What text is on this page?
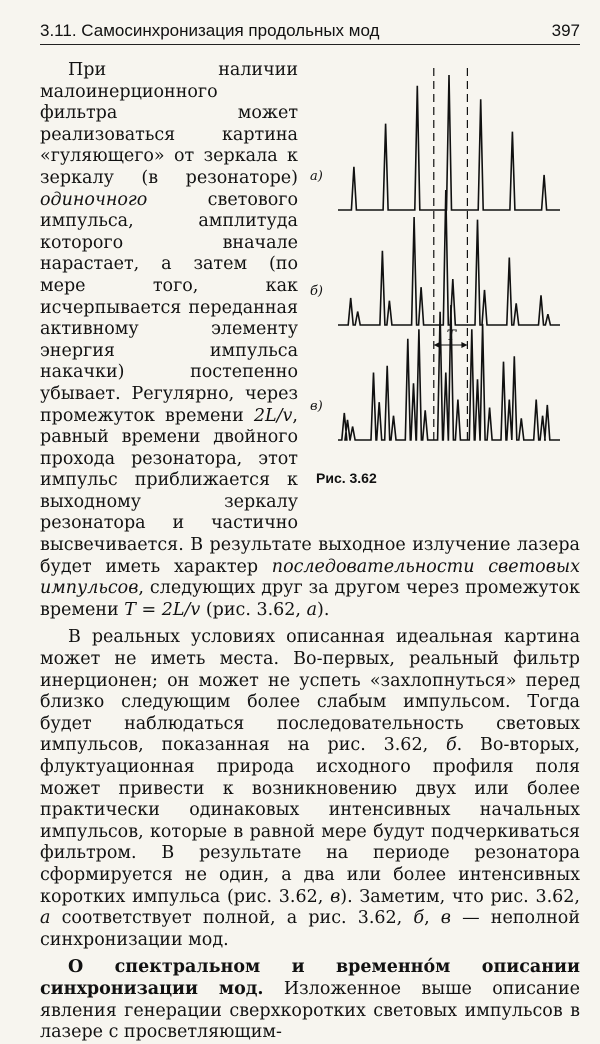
3.11. Самосинхронизация продольных мод	397
а)
б)
в)
T
Рис. 3.62

При наличии малоинерционного фильтра может реализоваться картина «гуляющего» от зеркала к зеркалу (в резонаторе) одиночного светового импульса, амплитуда которого вначале нарастает, а затем (по мере того, как исчерпывается переданная активному элементу энергия импульса накачки) постепенно убывает. Регулярно, через промежуток времени 2L/v, равный времени двойного прохода резонатора, этот импульс приближается к выходному зеркалу резонатора и частично высвечивается. В результате выходное излучение лазера будет иметь характер последовательности световых импульсов, следующих друг за другом через промежуток времени T = 2L/v (рис. 3.62, а).

В реальных условиях описанная идеальная картина может не иметь места. Во-первых, реальный фильтр инерционен; он может не успеть «захлопнуться» перед близко следующим более слабым импульсом. Тогда будет наблюдаться последовательность световых импульсов, показанная на рис. 3.62, б. Во-вторых, флуктуационная природа исходного профиля поля может привести к возникновению двух или более практически одинаковых интенсивных начальных импульсов, которые в равной мере будут подчеркиваться фильтром. В результате на периоде резонатора сформируется не один, а два или более интенсивных коротких импульса (рис. 3.62, в). Заметим, что рис. 3.62, а соответствует полной, а рис. 3.62, б, в — неполной синхронизации мод.

О спектральном и временно́м описании синхронизации мод. Изложенное выше описание явления генерации сверхкоротких световых импульсов в лазере с просветляющим-
